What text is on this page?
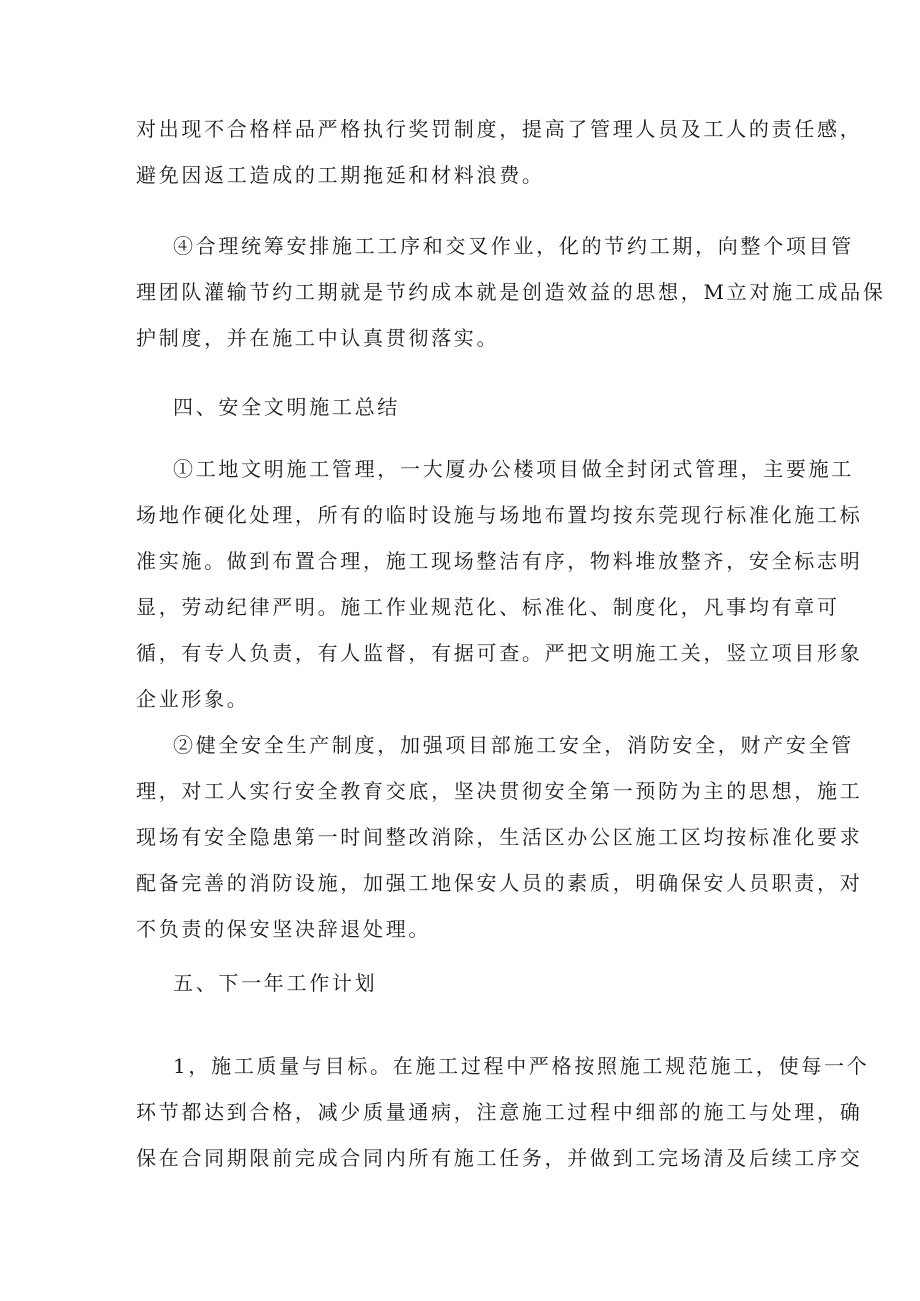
对出现不合格样品严格执行奖罚制度，提高了管理人员及工人的责任感，
避免因返工造成的工期拖延和材料浪费。
④合理统筹安排施工工序和交叉作业，化的节约工期，向整个项目管
理团队灌输节约工期就是节约成本就是创造效益的思想，M立对施工成品保
护制度，并在施工中认真贯彻落实。
四、安全文明施工总结
①工地文明施工管理，一大厦办公楼项目做全封闭式管理，主要施工
场地作硬化处理，所有的临时设施与场地布置均按东莞现行标准化施工标
准实施。做到布置合理，施工现场整洁有序，物料堆放整齐，安全标志明
显，劳动纪律严明。施工作业规范化、标准化、制度化，凡事均有章可
循，有专人负责，有人监督，有据可查。严把文明施工关，竖立项目形象
企业形象。
②健全安全生产制度，加强项目部施工安全，消防安全，财产安全管
理，对工人实行安全教育交底，坚决贯彻安全第一预防为主的思想，施工
现场有安全隐患第一时间整改消除，生活区办公区施工区均按标准化要求
配备完善的消防设施，加强工地保安人员的素质，明确保安人员职责，对
不负责的保安坚决辞退处理。
五、下一年工作计划
1，施工质量与目标。在施工过程中严格按照施工规范施工，使每一个
环节都达到合格，减少质量通病，注意施工过程中细部的施工与处理，确
保在合同期限前完成合同内所有施工任务，并做到工完场清及后续工序交
